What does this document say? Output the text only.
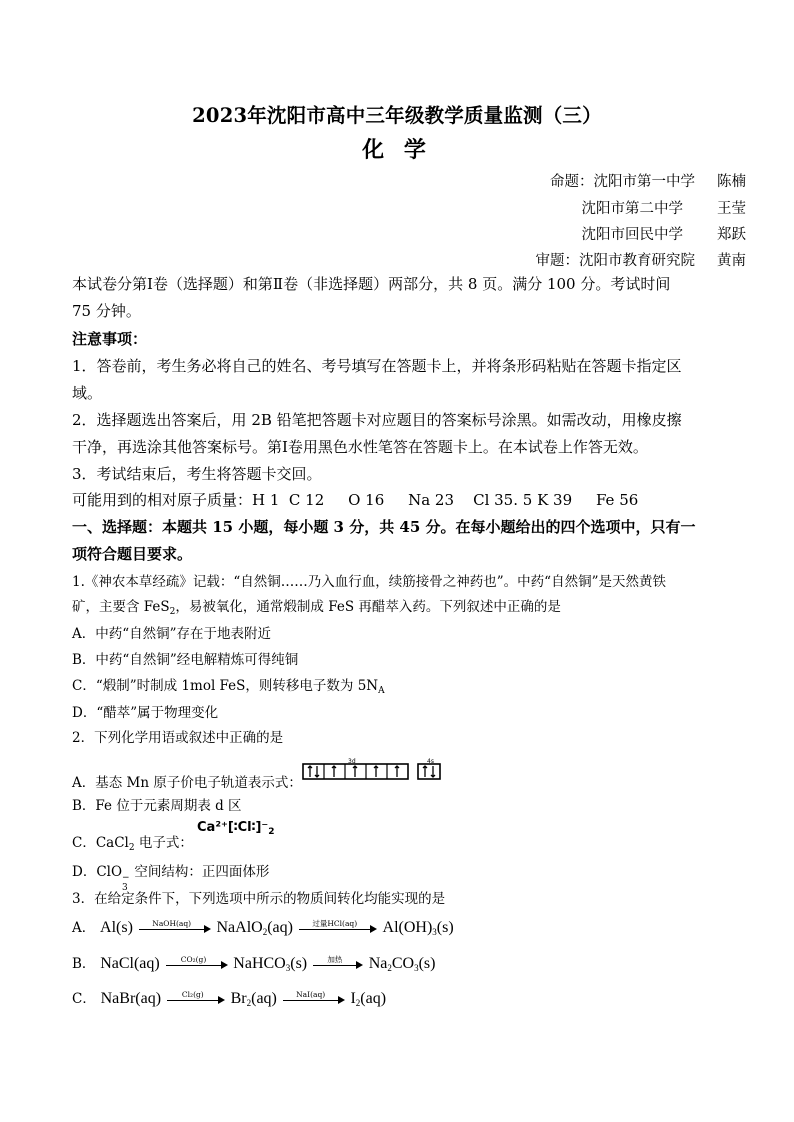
2023年沈阳市高中三年级教学质量监测（三）
化 学
命题：沈阳市第一中学 陈楠
沈阳市第二中学 王莹
沈阳市回民中学 郑跃
审题：沈阳市教育研究院 黄南
本试卷分第Ⅰ卷（选择题）和第Ⅱ卷（非选择题）两部分，共 8 页。满分 100 分。考试时间
75 分钟。
注意事项：
1．答卷前，考生务必将自己的姓名、考号填写在答题卡上，并将条形码粘贴在答题卡指定区
域。
2．选择题选出答案后，用 2B 铅笔把答题卡对应题目的答案标号涂黑。如需改动，用橡皮擦
干净，再选涂其他答案标号。第Ⅰ卷用黑色水性笔答在答题卡上。在本试卷上作答无效。
3．考试结束后，考生将答题卡交回。
可能用到的相对原子质量：H 1  C 12     O 16     Na 23    Cl 35. 5 K 39     Fe 56
一、选择题：本题共 15 小题，每小题 3 分，共 45 分。在每小题给出的四个选项中，只有一
项符合题目要求。
1.《神农本草经疏》记载：“自然铜……乃入血行血，续筋接骨之神药也”。中药“自然铜”是天然黄铁
矿，主要含 FeS$_2$，易被氧化，通常煅制成 FeS 再醋萃入药。下列叙述中正确的是
A．中药“自然铜”存在于地表附近
B．中药“自然铜”经电解精炼可得纯铜
C．“煅制”时制成 1mol FeS，则转移电子数为 $5N_A$
D．“醋萃”属于物理变化
2．下列化学用语或叙述中正确的是
A．基态 Mn 原子价电子轨道表示式：
3d	4s
B．Fe 位于元素周期表 d 区
C．CaCl$_2$ 电子式：
$Ca^{2+}[∶Cl∶]^-_2$
D．ClO −
3
空间结构：正四面体形
3．在给定条件下，下列选项中所示的物质间转化均能实现的是
A． Al(s)	NaOH(aq)	NaAlO$_2$(aq)	过量HCl(aq)	$Al(OH)_3(s)$
B． NaCl(aq)	CO₂(g)	NaHCO$_3$(s)	加热	$Na_2CO_3(s)$
C． NaBr(aq)	Cl₂(g)	$Br_2(aq)$	NaI(aq)	$I_2(aq)$
